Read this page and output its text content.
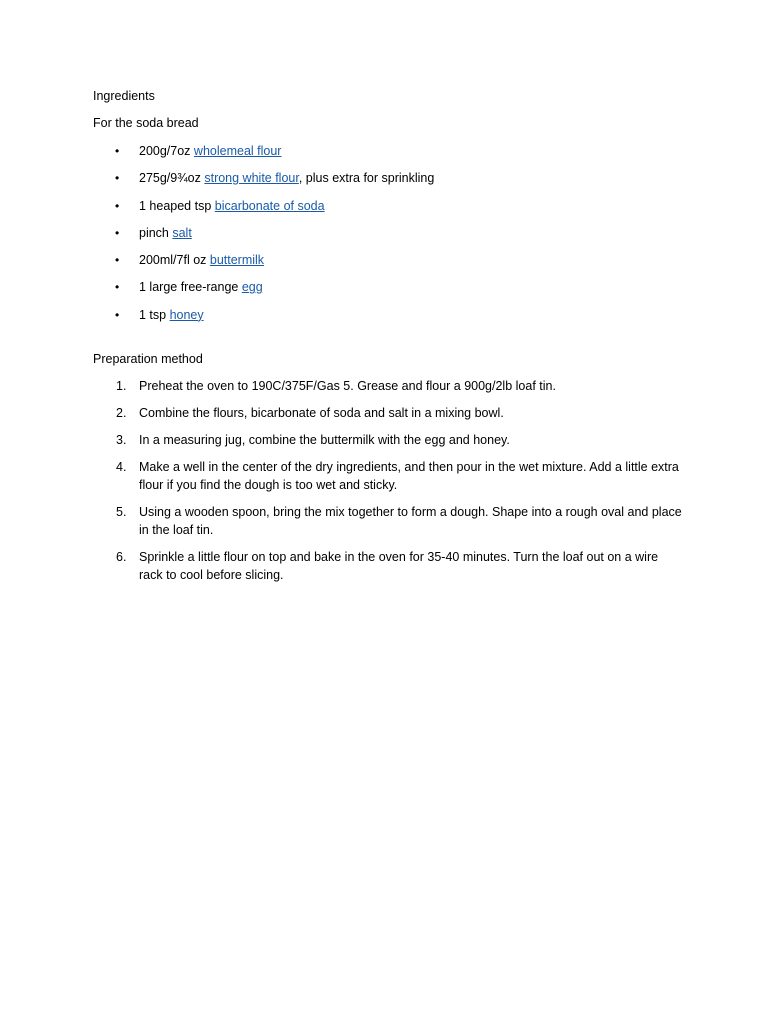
Ingredients
For the soda bread
• 200g/7oz wholemeal flour
• 275g/9¾oz strong white flour, plus extra for sprinkling
• 1 heaped tsp bicarbonate of soda
• pinch salt
• 200ml/7fl oz buttermilk
• 1 large free-range egg
• 1 tsp honey
Preparation method
1. Preheat the oven to 190C/375F/Gas 5. Grease and flour a 900g/2lb loaf tin.
2. Combine the flours, bicarbonate of soda and salt in a mixing bowl.
3. In a measuring jug, combine the buttermilk with the egg and honey.
4. Make a well in the center of the dry ingredients, and then pour in the wet mixture. Add a little extra flour if you find the dough is too wet and sticky.
5. Using a wooden spoon, bring the mix together to form a dough. Shape into a rough oval and place in the loaf tin.
6. Sprinkle a little flour on top and bake in the oven for 35-40 minutes. Turn the loaf out on a wire rack to cool before slicing.
